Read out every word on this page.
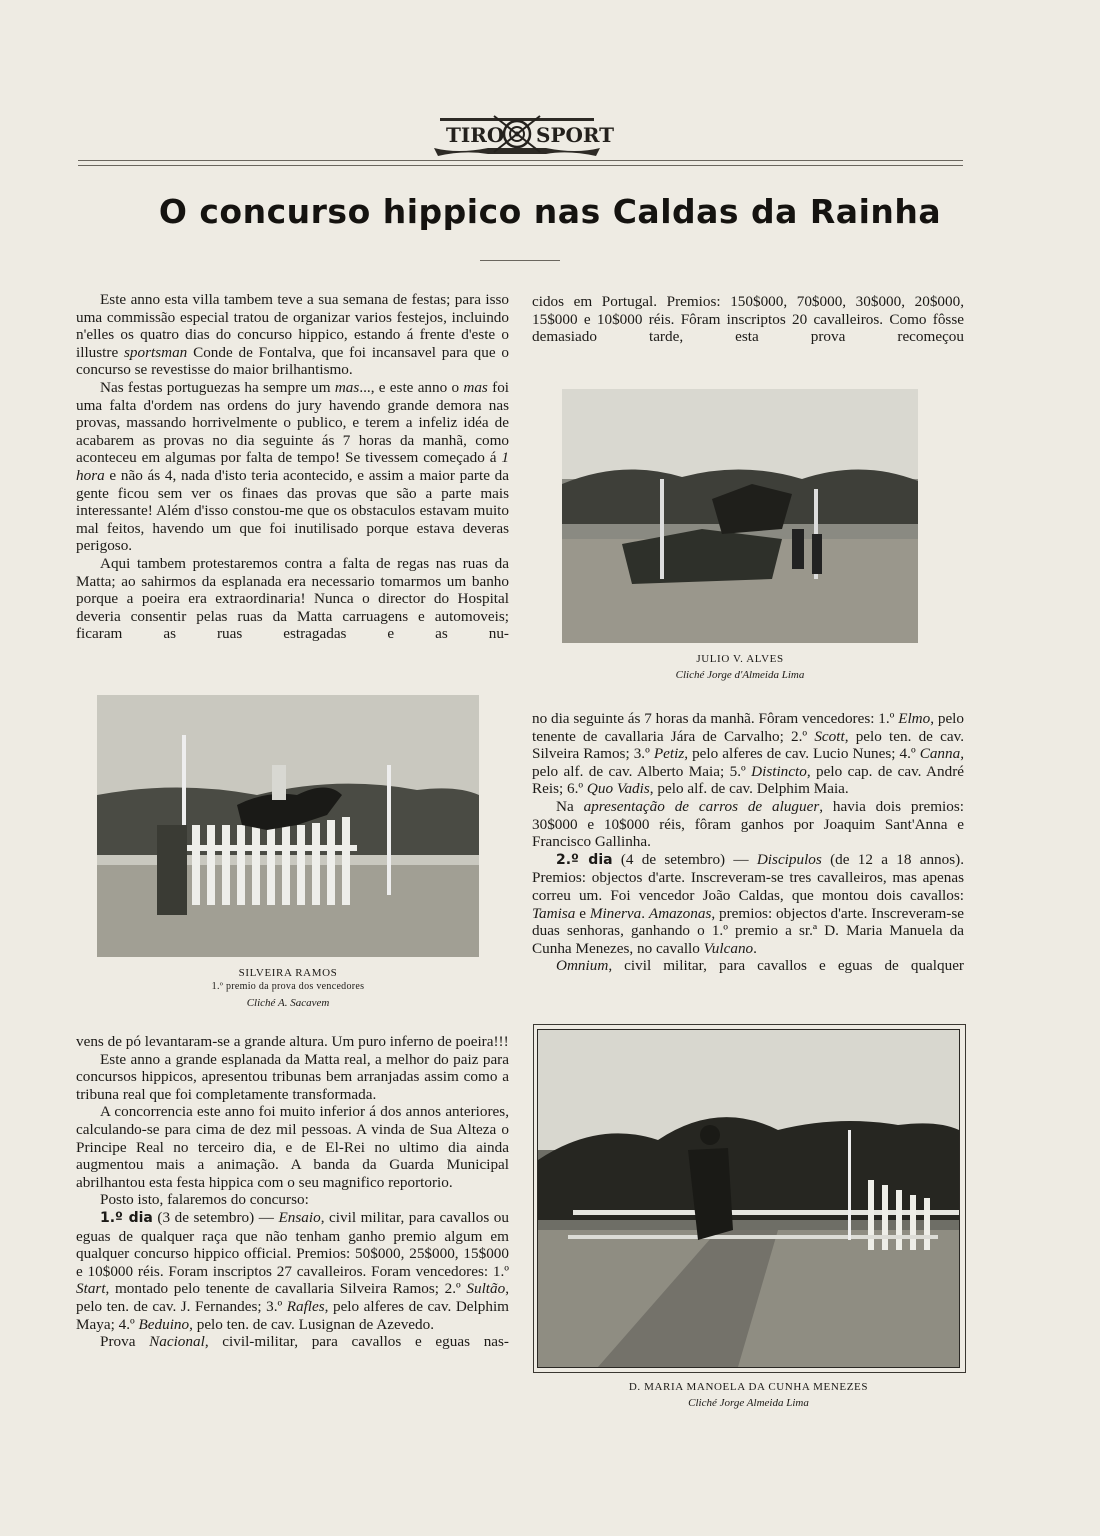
TIRO SPORT
O concurso hippico nas Caldas da Rainha

Este anno esta villa tambem teve a sua semana de festas; para isso uma commissão especial tratou de organizar varios festejos, incluindo n'elles os quatro dias do concurso hippico, estando á frente d'este o illustre sportsman Conde de Fontalva, que foi incansavel para que o concurso se revestisse do maior brilhantismo.

Nas festas portuguezas ha sempre um mas..., e este anno o mas foi uma falta d'ordem nas ordens do jury havendo grande demora nas provas, massando horrivelmente o publico, e terem a infeliz idéa de acabarem as provas no dia seguinte ás 7 horas da manhã, como aconteceu em algumas por falta de tempo! Se tivessem começado á 1 hora e não ás 4, nada d'isto teria acontecido, e assim a maior parte da gente ficou sem ver os finaes das provas que são a parte mais interessante! Além d'isso constou-me que os obstaculos estavam muito mal feitos, havendo um que foi inutilisado porque estava deveras perigoso.

Aqui tambem protestaremos contra a falta de regas nas ruas da Matta; ao sahirmos da esplanada era necessario tomarmos um banho porque a poeira era extraordinaria! Nunca o director do Hospital deveria consentir pelas ruas da Matta carruagens e automoveis; ficaram as ruas estragadas e as nu-

cidos em Portugal. Premios: 150$000, 70$000, 30$000, 20$000, 15$000 e 10$000 réis. Fôram inscriptos 20 cavalleiros. Como fôsse demasiado tarde, esta prova recomeçou

JULIO V. ALVES
Cliché Jorge d'Almeida Lima
SILVEIRA RAMOS
1.º premio da prova dos vencedores
Cliché A. Sacavem

no dia seguinte ás 7 horas da manhã. Fôram vencedores: 1.º Elmo, pelo tenente de cavallaria Jára de Carvalho; 2.º Scott, pelo ten. de cav. Silveira Ramos; 3.º Petiz, pelo alferes de cav. Lucio Nunes; 4.º Canna, pelo alf. de cav. Alberto Maia; 5.º Distincto, pelo cap. de cav. André Reis; 6.º Quo Vadis, pelo alf. de cav. Delphim Maia.

Na apresentação de carros de aluguer, havia dois premios: 30$000 e 10$000 réis, fôram ganhos por Joaquim Sant'Anna e Francisco Gallinha.

2.º dia (4 de setembro) — Discipulos (de 12 a 18 annos). Premios: objectos d'arte. Inscreveram-se tres cavalleiros, mas apenas correu um. Foi vencedor João Caldas, que montou dois cavallos: Tamisa e Minerva. Amazonas, premios: objectos d'arte. Inscreveram-se duas senhoras, ganhando o 1.º premio a sr.ª D. Maria Manuela da Cunha Menezes, no cavallo Vulcano.

Omnium, civil militar, para cavallos e eguas de qualquer

vens de pó levantaram-se a grande altura. Um puro inferno de poeira!!!

Este anno a grande esplanada da Matta real, a melhor do paiz para concursos hippicos, apresentou tribunas bem arranjadas assim como a tribuna real que foi completamente transformada.

A concorrencia este anno foi muito inferior á dos annos anteriores, calculando-se para cima de dez mil pessoas. A vinda de Sua Alteza o Principe Real no terceiro dia, e de El-Rei no ultimo dia ainda augmentou mais a animação. A banda da Guarda Municipal abrilhantou esta festa hippica com o seu magnifico reportorio.

Posto isto, falaremos do concurso:

1.º dia (3 de setembro) — Ensaio, civil militar, para cavallos ou eguas de qualquer raça que não tenham ganho premio algum em qualquer concurso hippico official. Premios: 50$000, 25$000, 15$000 e 10$000 réis. Foram inscriptos 27 cavalleiros. Foram vencedores: 1.º Start, montado pelo tenente de cavallaria Silveira Ramos; 2.º Sultão, pelo ten. de cav. J. Fernandes; 3.º Rafles, pelo alferes de cav. Delphim Maya; 4.º Beduino, pelo ten. de cav. Lusignan de Azevedo.

Prova Nacional, civil-militar, para cavallos e eguas nas-

D. MARIA MANOELA DA CUNHA MENEZES
Cliché Jorge Almeida Lima
